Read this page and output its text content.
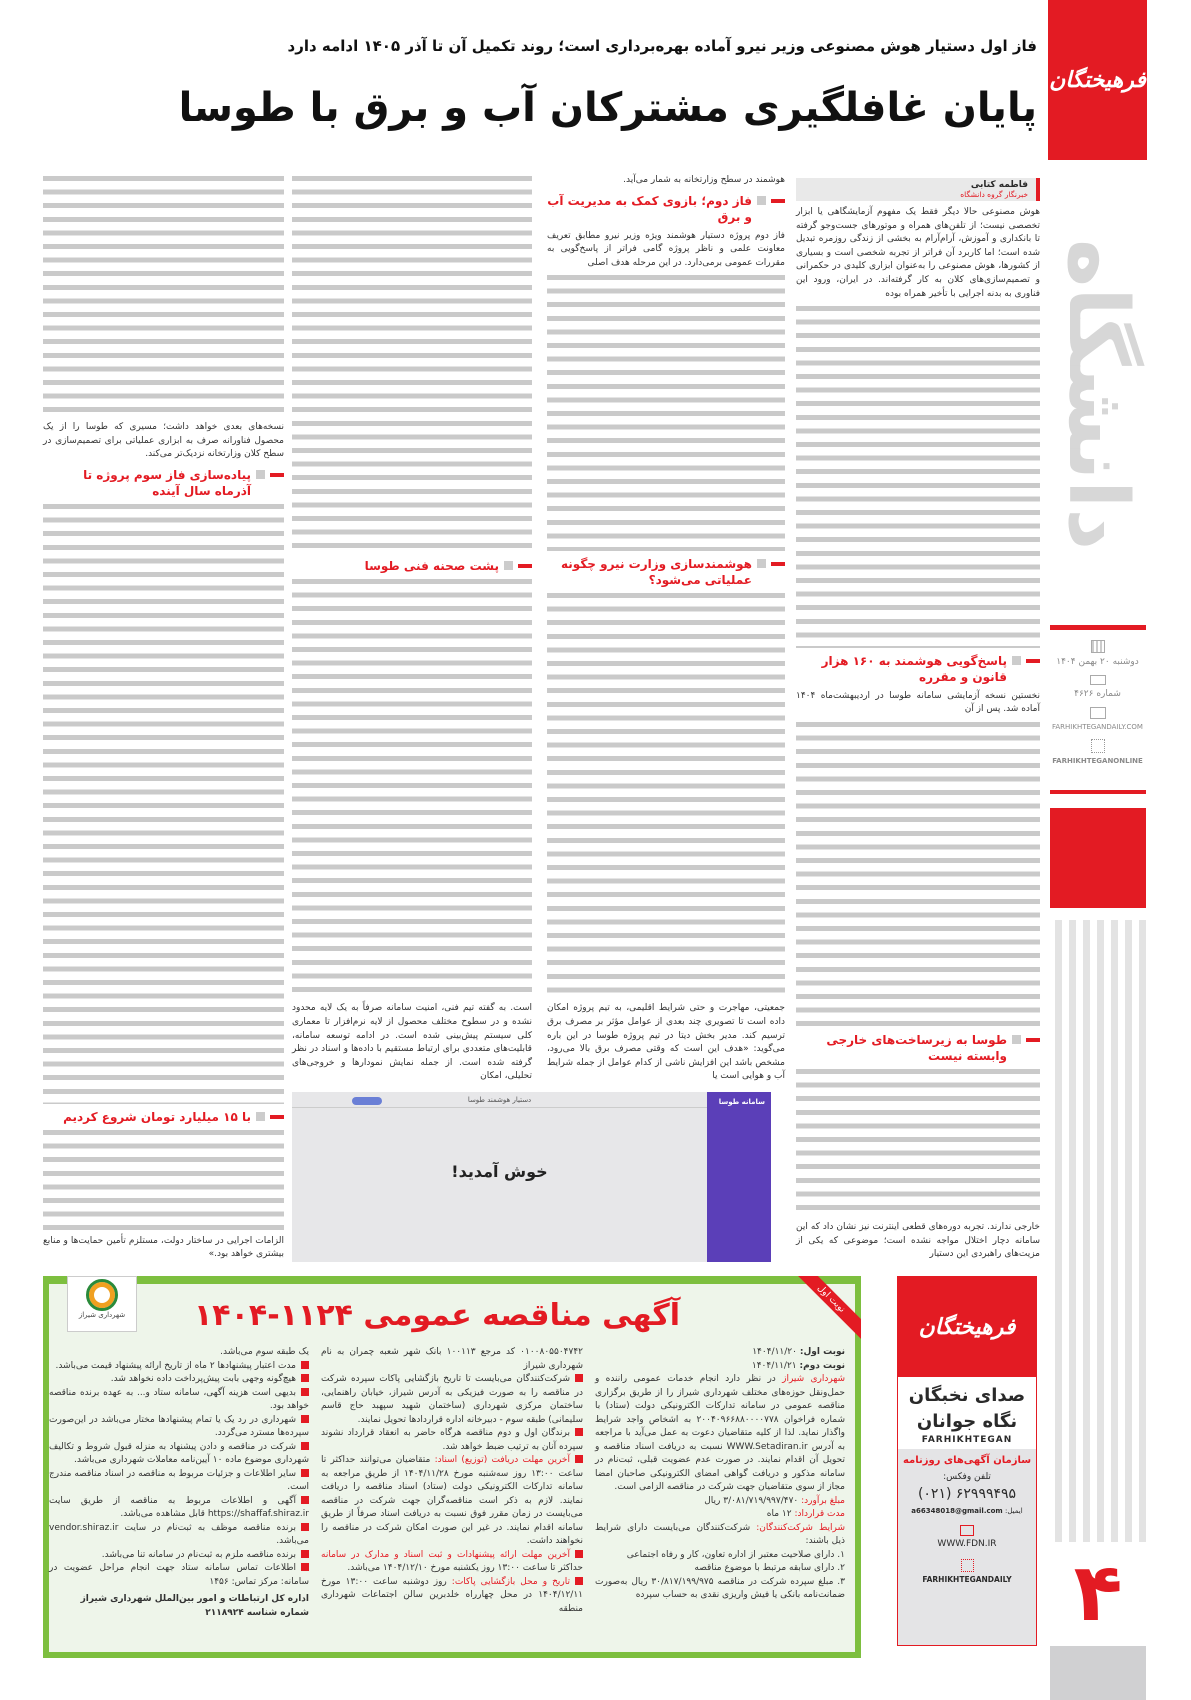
فرهیختگان
دانشگاه
دوشنبه ۲۰ بهمن ۱۴۰۴
شماره ۴۶۲۶
FARHIKHTEGANDAILY.COM
FARHIKHTEGANONLINE
۴
فاز اول دستیار هوش مصنوعی وزیر نیرو آماده بهره‌برداری است؛ روند تکمیل آن تا آذر ۱۴۰۵ ادامه دارد
پایان غافلگیری مشترکان آب و برق با طوسا
فاطمه کتابی
خبرنگار گروه دانشگاه
هوش مصنوعی حالا دیگر فقط یک مفهوم آزمایشگاهی یا ابزار تخصصی نیست؛ از تلفن‌های همراه و موتورهای جست‌وجو گرفته تا بانکداری و آموزش، آرام‌آرام به بخشی از زندگی روزمره تبدیل شده است؛ اما کاربرد آن فراتر از تجربه شخصی است و بسیاری از کشورها، هوش مصنوعی را به‌عنوان ابزاری کلیدی در حکمرانی و تصمیم‌سازی‌های کلان به کار گرفته‌اند. در ایران، ورود این فناوری به بدنه اجرایی با تأخیر همراه بوده
پاسخ‌گویی هوشمند به ۱۶۰ هزار قانون و مقرره
نخستین نسخه آزمایشی سامانه طوسا در اردیبهشت‌ماه ۱۴۰۴ آماده شد. پس از آن
طوسا به زیرساخت‌های خارجی وابسته نیست
خارجی ندارند. تجربه دوره‌های قطعی اینترنت نیز نشان داد که این سامانه دچار اختلال مواجه نشده است؛ موضوعی که یکی از مزیت‌های راهبردی این دستیار
هوشمند در سطح وزارتخانه به شمار می‌آید.
فاز دوم؛ بازوی کمک به مدیریت آب و برق
فاز دوم پروژه دستیار هوشمند ویژه وزیر نیرو مطابق تعریف معاونت علمی و ناظر پروژه گامی فراتر از پاسخ‌گویی به مقررات عمومی برمی‌دارد. در این مرحله هدف اصلی
هوشمندسازی وزارت نیرو چگونه عملیاتی می‌شود؟
جمعیتی، مهاجرت و حتی شرایط اقلیمی، به تیم پروژه امکان داده است تا تصویری چند بعدی از عوامل مؤثر بر مصرف برق ترسیم کند. مدیر بخش دیتا در تیم پروژه طوسا در این باره می‌گوید: «هدف این است که وقتی مصرف برق بالا می‌رود، مشخص باشد این افزایش ناشی از کدام عوامل از جمله شرایط آب و هوایی است یا
پشت صحنه فنی طوسا
است. به گفته تیم فنی، امنیت سامانه صرفاً به یک لایه محدود نشده و در سطوح مختلف محصول از لایه نرم‌افزار تا معماری کلی سیستم پیش‌بینی شده است. در ادامه توسعه سامانه، قابلیت‌های متعددی برای ارتباط مستقیم با داده‌ها و اسناد در نظر گرفته شده است. از جمله نمایش نمودارها و خروجی‌های تحلیلی، امکان
نسخه‌های بعدی خواهد داشت؛ مسیری که طوسا را از یک محصول فناورانه صرف به ابزاری عملیاتی برای تصمیم‌سازی در سطح کلان وزارتخانه نزدیک‌تر می‌کند.
پیاده‌سازی فاز سوم پروژه تا آذرماه سال آینده
با ۱۵ میلیارد تومان شروع کردیم
الزامات اجرایی در ساختار دولت، مستلزم تأمین حمایت‌ها و منابع بیشتری خواهد بود.»
سامانه طوسا
دستیار هوشمند طوسا
خوش آمدید!
نوبت اول
شهرداری شیراز	آگهی مناقصه عمومی ۱۱۲۴-۱۴۰۴
نوبت اول: ۱۴۰۴/۱۱/۲۰
نوبت دوم: ۱۴۰۴/۱۱/۲۱
شهرداری شیراز در نظر دارد انجام خدمات عمومی راننده و حمل‌ونقل حوزه‌های مختلف شهرداری شیراز را از طریق برگزاری مناقصه عمومی در سامانه تدارکات الکترونیکی دولت (ستاد) با شماره فراخوان ۲۰۰۴۰۹۶۶۸۸۰۰۰۰۷۷۸ به اشخاص واجد شرایط واگذار نماید. لذا از کلیه متقاضیان دعوت به عمل می‌آید با مراجعه به آدرس WWW.Setadiran.ir نسبت به دریافت اسناد مناقصه و تحویل آن اقدام نمایند. در صورت عدم عضویت قبلی، ثبت‌نام در سامانه مذکور و دریافت گواهی امضای الکترونیکی صاحبان امضا مجاز از سوی متقاضیان جهت شرکت در مناقصه الزامی است.
مبلغ برآورد: ۳/۰۸۱/۷۱۹/۹۹۷/۴۷۰ ریال
مدت قرارداد: ۱۲ ماه
شرایط شرکت‌کنندگان: شرکت‌کنندگان می‌بایست دارای شرایط ذیل باشند:
۱. دارای صلاحیت معتبر از اداره تعاون، کار و رفاه اجتماعی
۲. دارای سابقه مرتبط با موضوع مناقصه
۳. مبلغ سپرده شرکت در مناقصه ۳۰/۸۱۷/۱۹۹/۹۷۵ ریال به‌صورت ضمانت‌نامه بانکی یا فیش واریزی نقدی به حساب سپرده
۰۱۰۰۸۰۵۵۰۴۷۴۲ کد مرجع ۱۰۰۱۱۳ بانک شهر شعبه چمران به نام شهرداری شیراز
شرکت‌کنندگان می‌بایست تا تاریخ بازگشایی پاکات سپرده شرکت در مناقصه را به صورت فیزیکی به آدرس شیراز، خیابان راهنمایی، ساختمان مرکزی شهرداری (ساختمان شهید سپهبد حاج قاسم سلیمانی) طبقه سوم - دبیرخانه اداره قراردادها تحویل نمایند.
برندگان اول و دوم مناقصه هرگاه حاضر به انعقاد قرارداد نشوند سپرده آنان به ترتیب ضبط خواهد شد.
آخرین مهلت دریافت (توزیع) اسناد: متقاضیان می‌توانند حداکثر تا ساعت ۱۳:۰۰ روز سه‌شنبه مورخ ۱۴۰۴/۱۱/۲۸ از طریق مراجعه به سامانه تدارکات الکترونیکی دولت (ستاد) اسناد مناقصه را دریافت نمایند. لازم به ذکر است مناقصه‌گران جهت شرکت در مناقصه می‌بایست در زمان مقرر فوق نسبت به دریافت اسناد صرفاً از طریق سامانه اقدام نمایند. در غیر این صورت امکان شرکت در مناقصه را نخواهند داشت.
آخرین مهلت ارائه پیشنهادات و ثبت اسناد و مدارک در سامانه حداکثر تا ساعت ۱۳:۰۰ روز یکشنبه مورخ ۱۴۰۴/۱۲/۱۰ می‌باشد.
تاریخ و محل بازگشایی پاکات: روز دوشنبه ساعت ۱۳:۰۰ مورخ ۱۴۰۴/۱۲/۱۱ در محل چهارراه خلدبرین سالن اجتماعات شهرداری منطقه
یک طبقه سوم می‌باشد.
مدت اعتبار پیشنهادها ۲ ماه از تاریخ ارائه پیشنهاد قیمت می‌باشد.
هیچ‌گونه وجهی بابت پیش‌پرداخت داده نخواهد شد.
بدیهی است هزینه آگهی، سامانه ستاد و... به عهده برنده مناقصه خواهد بود.
شهرداری در رد یک یا تمام پیشنهادها مختار می‌باشد در این‌صورت سپرده‌ها مسترد می‌گردد.
شرکت در مناقصه و دادن پیشنهاد به منزله قبول شروط و تکالیف شهرداری موضوع ماده ۱۰ آیین‌نامه معاملات شهرداری می‌باشد.
سایر اطلاعات و جزئیات مربوط به مناقصه در اسناد مناقصه مندرج است.
آگهی و اطلاعات مربوط به مناقصه از طریق سایت https://shaffaf.shiraz.ir قابل مشاهده می‌باشد.
برنده مناقصه موظف به ثبت‌نام در سایت vendor.shiraz.ir می‌باشد.
برنده مناقصه ملزم به ثبت‌نام در سامانه تنا می‌باشد.
اطلاعات تماس سامانه ستاد جهت انجام مراحل عضویت در سامانه: مرکز تماس: ۱۴۵۶
اداره کل ارتباطات و امور بین‌الملل شهرداری شیراز
شماره شناسه ۲۱۱۸۹۲۴
فرهیختگان
صدای نخبگان
نگاه جوانان
FARHIKHTEGAN
سازمان آگهی‌های روزنامه
تلفن وفکس:
(۰۲۱) ۶۲۹۹۹۴۹۵
ایمیل: a66348018@gmail.com
WWW.FDN.IR
FARHIKHTEGANDAILY
